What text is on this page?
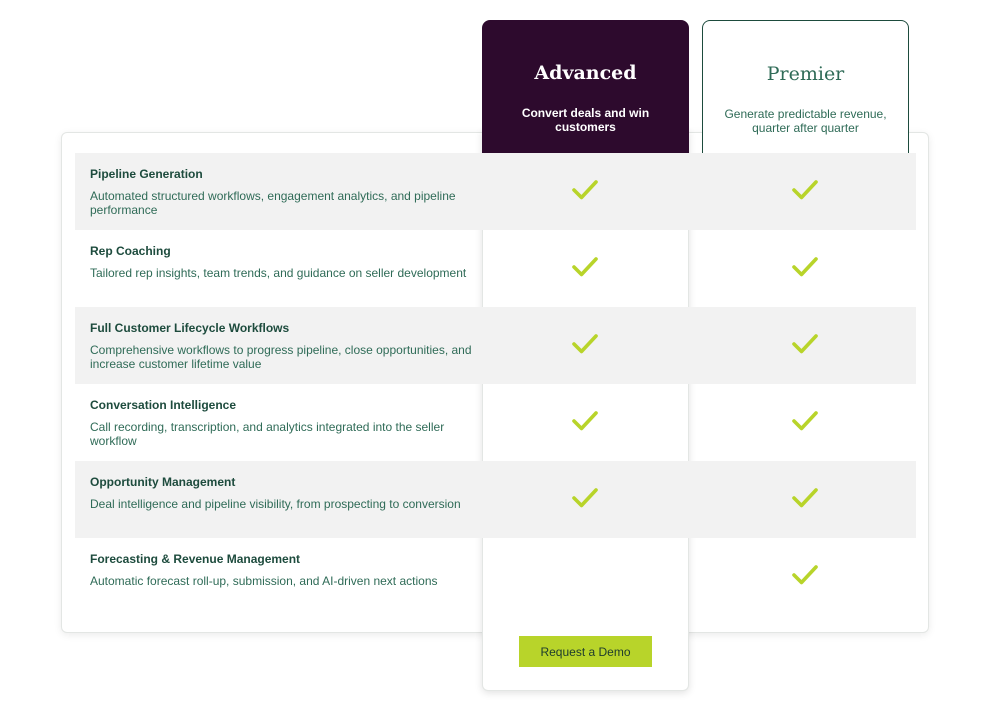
Advanced
Convert deals and win customers
Premier
Generate predictable revenue, quarter after quarter
Pipeline Generation
Automated structured workflows, engagement analytics, and pipeline performance
Rep Coaching
Tailored rep insights, team trends, and guidance on seller development
Full Customer Lifecycle Workflows
Comprehensive workflows to progress pipeline, close opportunities, and increase customer lifetime value
Conversation Intelligence
Call recording, transcription, and analytics integrated into the seller workflow
Opportunity Management
Deal intelligence and pipeline visibility, from prospecting to conversion
Forecasting & Revenue Management
Automatic forecast roll-up, submission, and AI-driven next actions
Request a Demo
